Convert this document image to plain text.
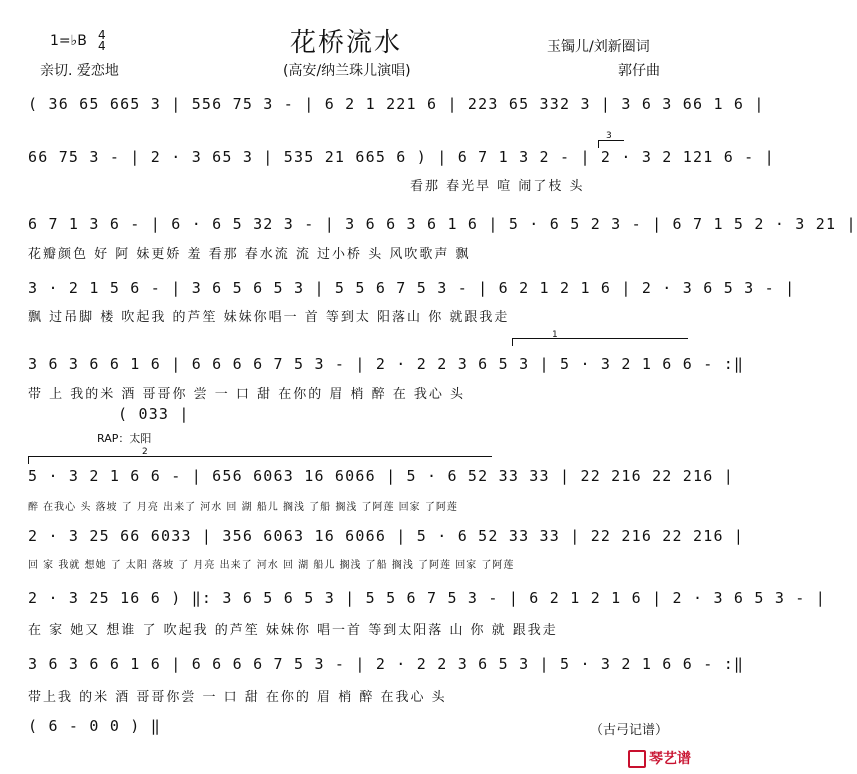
1=♭B 4
4
亲切. 爱恋地
花桥流水
(高安/纳兰珠儿演唱)
玉镯儿/刘新圈词
郭仔曲
( 36 65 665 3 | 556 75 3 - | 6 2 1 221 6 | 223 65 332 3 | 3 6 3 66 1 6 |
66 75 3 - | 2 · 3 65 3 | 535 21 665 6 ) | 6 7 1 3 2 - | 2 · 3 2 121 6 - |
看那 春光早 喧 闹了枝 头
3
6 7 1 3 6 - | 6 · 6 5 32 3 - | 3 6 6 3 6 1 6 | 5 · 6 5 2 3 - | 6 7 1 5 2 · 3 21 |
花瓣颜色 好 阿 妹更娇 羞 看那 春水流 流 过小桥 头 风吹歌声 飘
3 · 2 1 5 6 - | 3 6 5 6 5 3 | 5 5 6 7 5 3 - | 6 2 1 2 1 6 | 2 · 3 6 5 3 - |
飘 过吊脚 楼 吹起我 的芦笙 妹妹你唱一 首 等到太 阳落山 你 就跟我走
1
3 6 3 6 6 1 6 | 6 6 6 6 7 5 3 - | 2 · 2 2 3 6 5 3 | 5 · 3 2 1 6 6 - :‖
带 上 我的米 酒 哥哥你 尝 一 口 甜 在你的 眉 梢 醉 在 我心 头
( 033 |
RAP：太阳
2
5 · 3 2 1 6 6 - | 656 6063 16 6066 | 5 · 6 52 33 33 | 22 216 22 216 |
醉 在我心 头 落坡 了 月亮 出来了 河水 回 湖 船儿 搁浅 了船 搁浅 了阿莲 回家 了阿莲
2 · 3 25 66 6033 | 356 6063 16 6066 | 5 · 6 52 33 33 | 22 216 22 216 |
回 家 我就 想她 了 太阳 落坡 了 月亮 出来了 河水 回 湖 船儿 搁浅 了船 搁浅 了阿莲 回家 了阿莲
2 · 3 25 16 6 ) ‖: 3 6 5 6 5 3 | 5 5 6 7 5 3 - | 6 2 1 2 1 6 | 2 · 3 6 5 3 - |
在 家 她又 想谁 了 吹起我 的芦笙 妹妹你 唱一首 等到太阳落 山 你 就 跟我走
3 6 3 6 6 1 6 | 6 6 6 6 7 5 3 - | 2 · 2 2 3 6 5 3 | 5 · 3 2 1 6 6 - :‖
带上我 的米 酒 哥哥你尝 一 口 甜 在你的 眉 梢 醉 在我心 头
( 6 - 0 0 ) ‖	（古弓记谱）
琴艺谱
